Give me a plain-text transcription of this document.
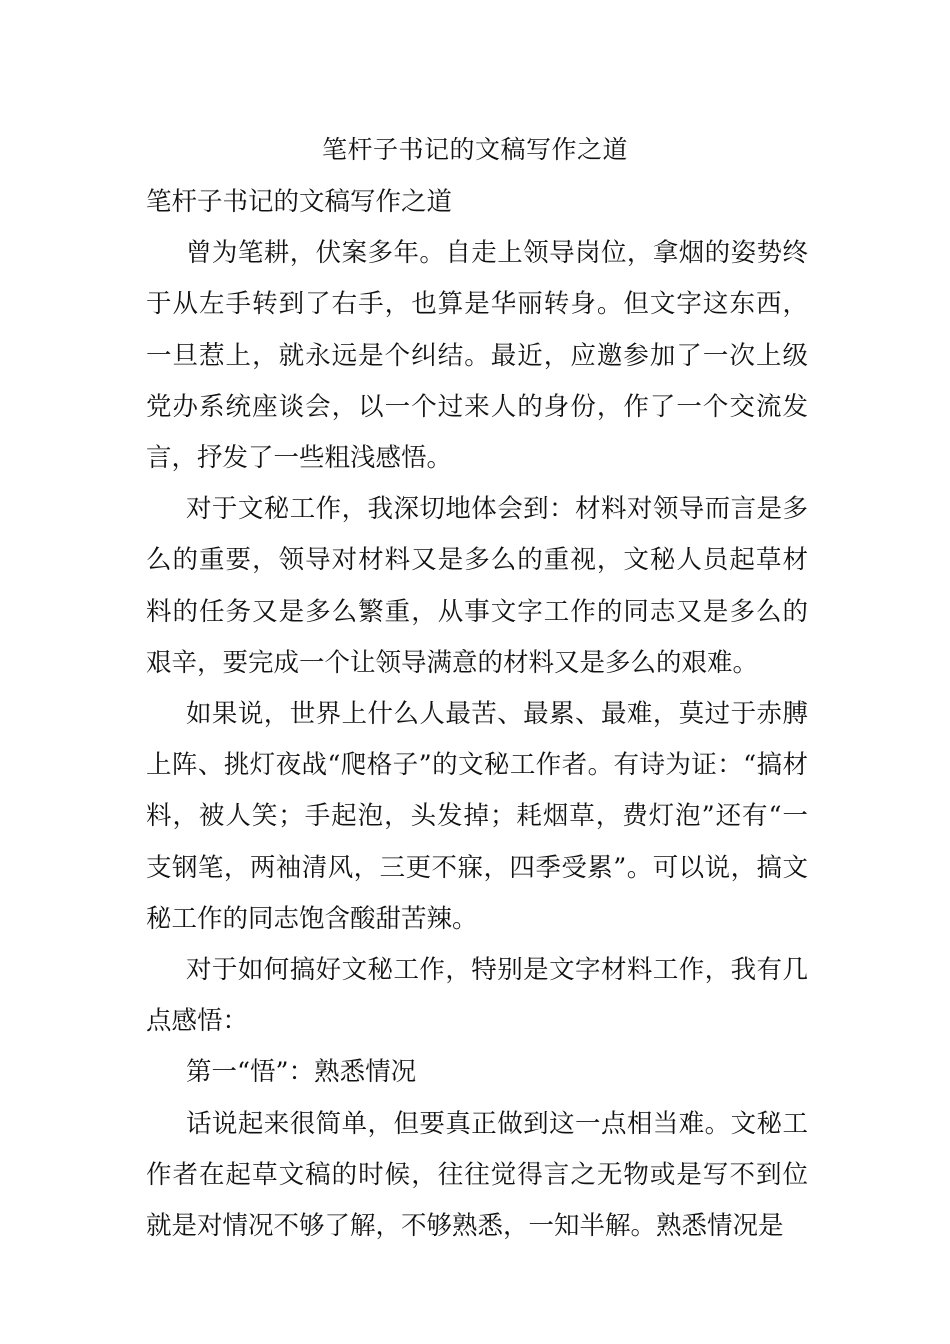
笔杆子书记的文稿写作之道

笔杆子书记的文稿写作之道

曾为笔耕，伏案多年。自走上领导岗位，拿烟的姿势终于从左手转到了右手，也算是华丽转身。但文字这东西，一旦惹上，就永远是个纠结。最近，应邀参加了一次上级党办系统座谈会，以一个过来人的身份，作了一个交流发言，抒发了一些粗浅感悟。

对于文秘工作，我深切地体会到：材料对领导而言是多么的重要，领导对材料又是多么的重视，文秘人员起草材料的任务又是多么繁重，从事文字工作的同志又是多么的艰辛，要完成一个让领导满意的材料又是多么的艰难。

如果说，世界上什么人最苦、最累、最难，莫过于赤膊上阵、挑灯夜战“爬格子”的文秘工作者。有诗为证：“搞材料，被人笑；手起泡，头发掉；耗烟草，费灯泡”还有“一支钢笔，两袖清风，三更不寐，四季受累”。可以说，搞文秘工作的同志饱含酸甜苦辣。

对于如何搞好文秘工作，特别是文字材料工作，我有几点感悟：

第一“悟”：熟悉情况

话说起来很简单，但要真正做到这一点相当难。文秘工作者在起草文稿的时候，往往觉得言之无物或是写不到位就是对情况不够了解，不够熟悉，一知半解。熟悉情况是
